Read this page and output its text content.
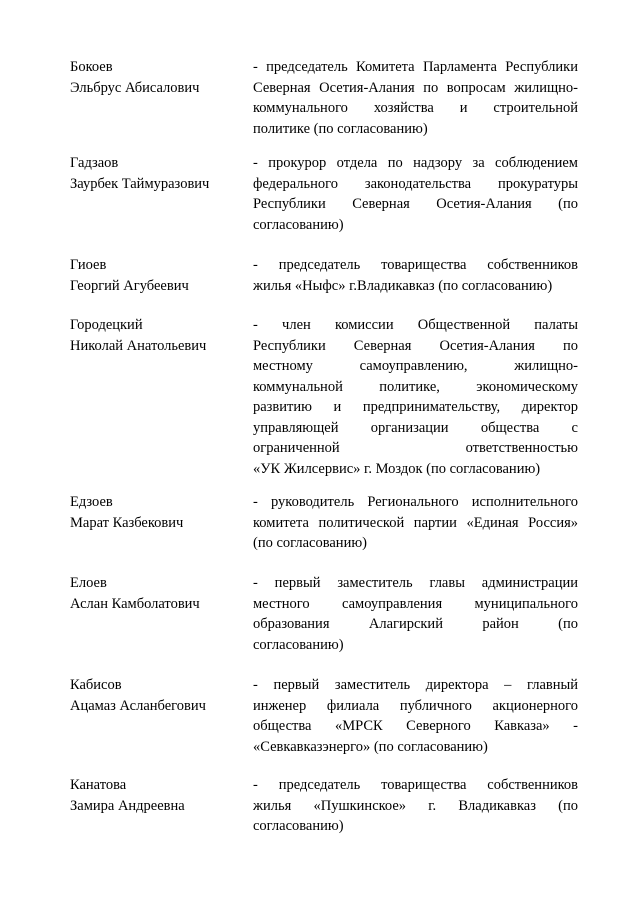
Бокоев
Эльбрус Абисалович
- председатель Комитета Парламента Республики
Северная Осетия-Алания по вопросам жилищно-
коммунального хозяйства и строительной
политике (по согласованию)
Гадзаов
Заурбек Таймуразович
- прокурор отдела по надзору за соблюдением
федерального законодательства прокуратуры
Республики Северная Осетия-Алания (по
согласованию)
Гиоев
Георгий Агубеевич
- председатель товарищества собственников
жилья «Ныфс» г.Владикавказ (по согласованию)
Городецкий
Николай Анатольевич
- член комиссии Общественной палаты
Республики Северная Осетия-Алания по
местному самоуправлению, жилищно-
коммунальной политике, экономическому
развитию и предпринимательству, директор
управляющей организации общества с
ограниченной ответственностью
«УК Жилсервис» г. Моздок (по согласованию)
Едзоев
Марат Казбекович
- руководитель Регионального исполнительного
комитета политической партии «Единая Россия»
(по согласованию)
Елоев
Аслан Камболатович
- первый заместитель главы администрации
местного самоуправления муниципального
образования Алагирский район (по
согласованию)
Кабисов
Ацамаз Асланбегович
- первый заместитель директора – главный
инженер филиала публичного акционерного
общества «МРСК Северного Кавказа» -
«Севкавказэнерго» (по согласованию)
Канатова
Замира Андреевна
- председатель товарищества собственников
жилья «Пушкинское» г. Владикавказ (по
согласованию)
